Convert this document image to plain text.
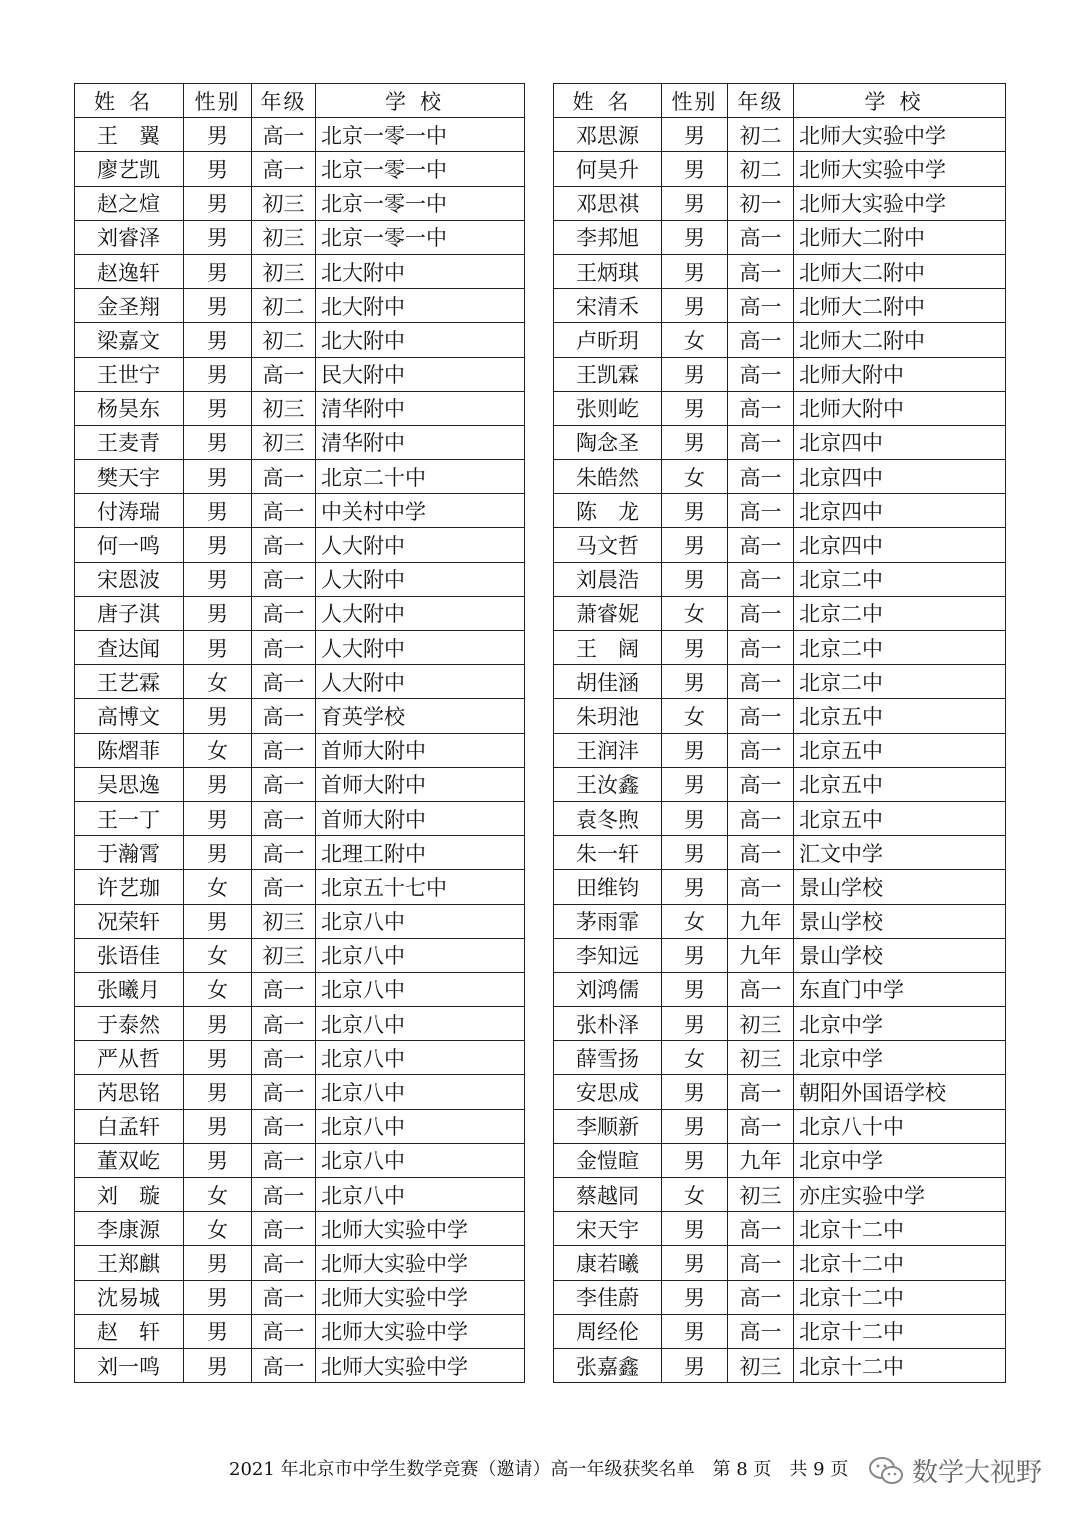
姓名	性别	年级	学校
王翼	男	高一	北京一零一中
廖艺凯	男	高一	北京一零一中
赵之煊	男	初三	北京一零一中
刘睿泽	男	初三	北京一零一中
赵逸轩	男	初三	北大附中
金圣翔	男	初二	北大附中
梁嘉文	男	初二	北大附中
王世宁	男	高一	民大附中
杨昊东	男	初三	清华附中
王麦青	男	初三	清华附中
樊天宇	男	高一	北京二十中
付涛瑞	男	高一	中关村中学
何一鸣	男	高一	人大附中
宋恩波	男	高一	人大附中
唐子淇	男	高一	人大附中
查达闻	男	高一	人大附中
王艺霖	女	高一	人大附中
高博文	男	高一	育英学校
陈熠菲	女	高一	首师大附中
吴思逸	男	高一	首师大附中
王一丁	男	高一	首师大附中
于瀚霄	男	高一	北理工附中
许艺珈	女	高一	北京五十七中
况荣轩	男	初三	北京八中
张语佳	女	初三	北京八中
张曦月	女	高一	北京八中
于泰然	男	高一	北京八中
严从哲	男	高一	北京八中
芮思铭	男	高一	北京八中
白孟轩	男	高一	北京八中
董双屹	男	高一	北京八中
刘璇	女	高一	北京八中
李康源	女	高一	北师大实验中学
王郑麒	男	高一	北师大实验中学
沈易城	男	高一	北师大实验中学
赵轩	男	高一	北师大实验中学
刘一鸣	男	高一	北师大实验中学
姓名	性别	年级	学校
邓思源	男	初二	北师大实验中学
何昊升	男	初二	北师大实验中学
邓思祺	男	初一	北师大实验中学
李邦旭	男	高一	北师大二附中
王炳琪	男	高一	北师大二附中
宋清禾	男	高一	北师大二附中
卢昕玥	女	高一	北师大二附中
王凯霖	男	高一	北师大附中
张则屹	男	高一	北师大附中
陶念圣	男	高一	北京四中
朱皓然	女	高一	北京四中
陈龙	男	高一	北京四中
马文哲	男	高一	北京四中
刘晨浩	男	高一	北京二中
萧睿妮	女	高一	北京二中
王阔	男	高一	北京二中
胡佳涵	男	高一	北京二中
朱玥池	女	高一	北京五中
王润沣	男	高一	北京五中
王汝鑫	男	高一	北京五中
袁冬煦	男	高一	北京五中
朱一轩	男	高一	汇文中学
田维钧	男	高一	景山学校
茅雨霏	女	九年	景山学校
李知远	男	九年	景山学校
刘鸿儒	男	高一	东直门中学
张朴泽	男	初三	北京中学
薛雪扬	女	初三	北京中学
安思成	男	高一	朝阳外国语学校
李顺新	男	高一	北京八十中
金愷暄	男	九年	北京中学
蔡越同	女	初三	亦庄实验中学
宋天宇	男	高一	北京十二中
康若曦	男	高一	北京十二中
李佳蔚	男	高一	北京十二中
周经伦	男	高一	北京十二中
张嘉鑫	男	初三	北京十二中
2021 年北京市中学生数学竞赛（邀请）高一年级获奖名单　第 8 页　共 9 页 数学大视野
